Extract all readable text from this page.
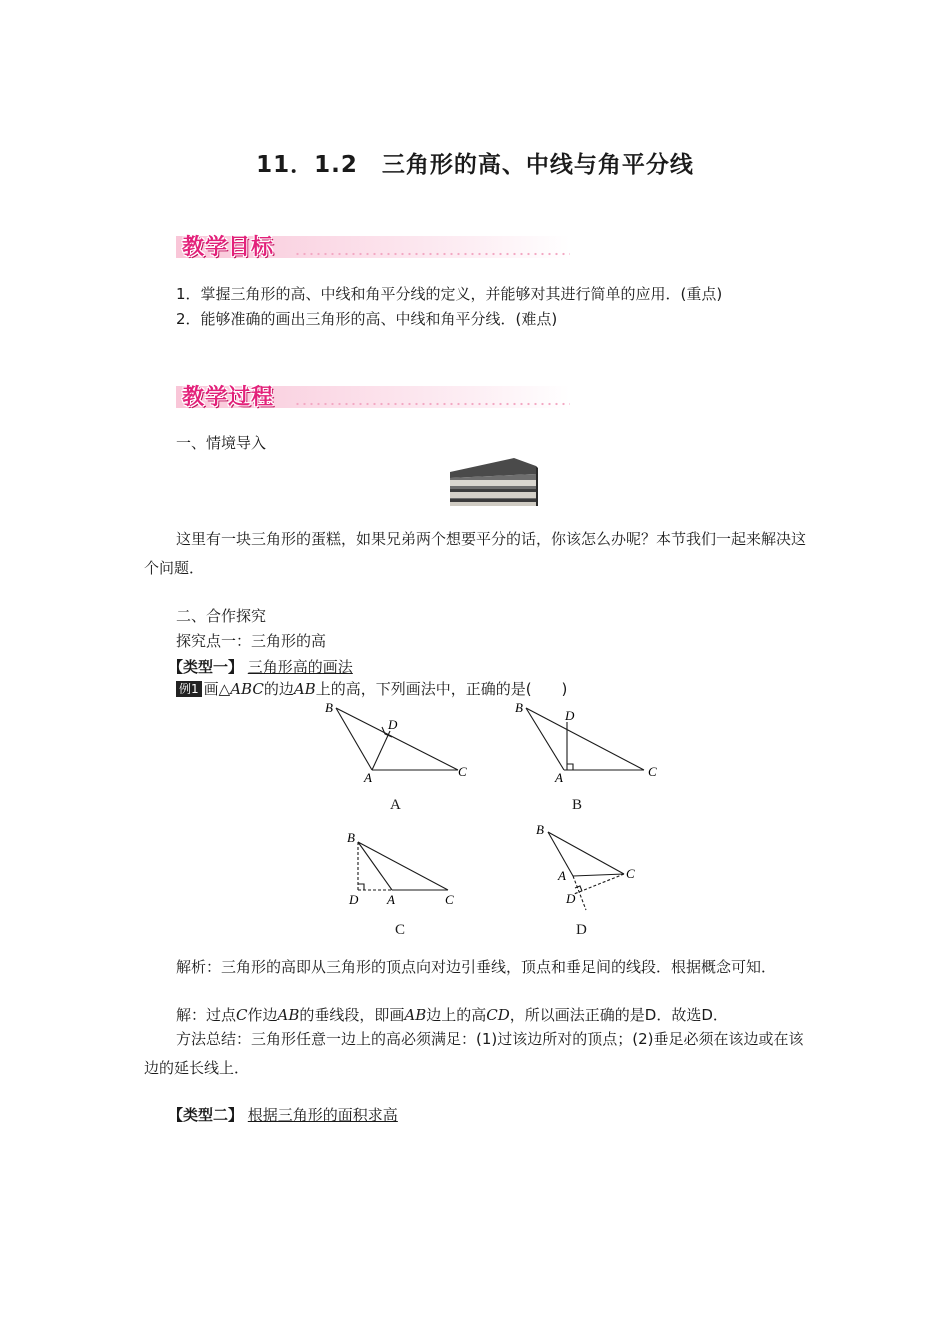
11．1.2　三角形的高、中线与角平分线
教学目标
1．掌握三角形的高、中线和角平分线的定义，并能够对其进行简单的应用．(重点)
2．能够准确的画出三角形的高、中线和角平分线．(难点)
教学过程
一、情境导入
这里有一块三角形的蛋糕，如果兄弟两个想要平分的话，你该怎么办呢？本节我们一起来解决这个问题．
二、合作探究
探究点一：三角形的高
【类型一】 三角形高的画法
例1 画△ABC的边AB上的高，下列画法中，正确的是(　　)
B
D
A	C
A
B
D
A	C
B
B
D A	C
C
B
A	C
D
D
解析：三角形的高即从三角形的顶点向对边引垂线，顶点和垂足间的线段．根据概念可知．
解：过点C作边AB的垂线段，即画AB边上的高CD，所以画法正确的是D．故选D．
方法总结：三角形任意一边上的高必须满足：(1)过该边所对的顶点；(2)垂足必须在该边或在该边的延长线上．
【类型二】 根据三角形的面积求高
